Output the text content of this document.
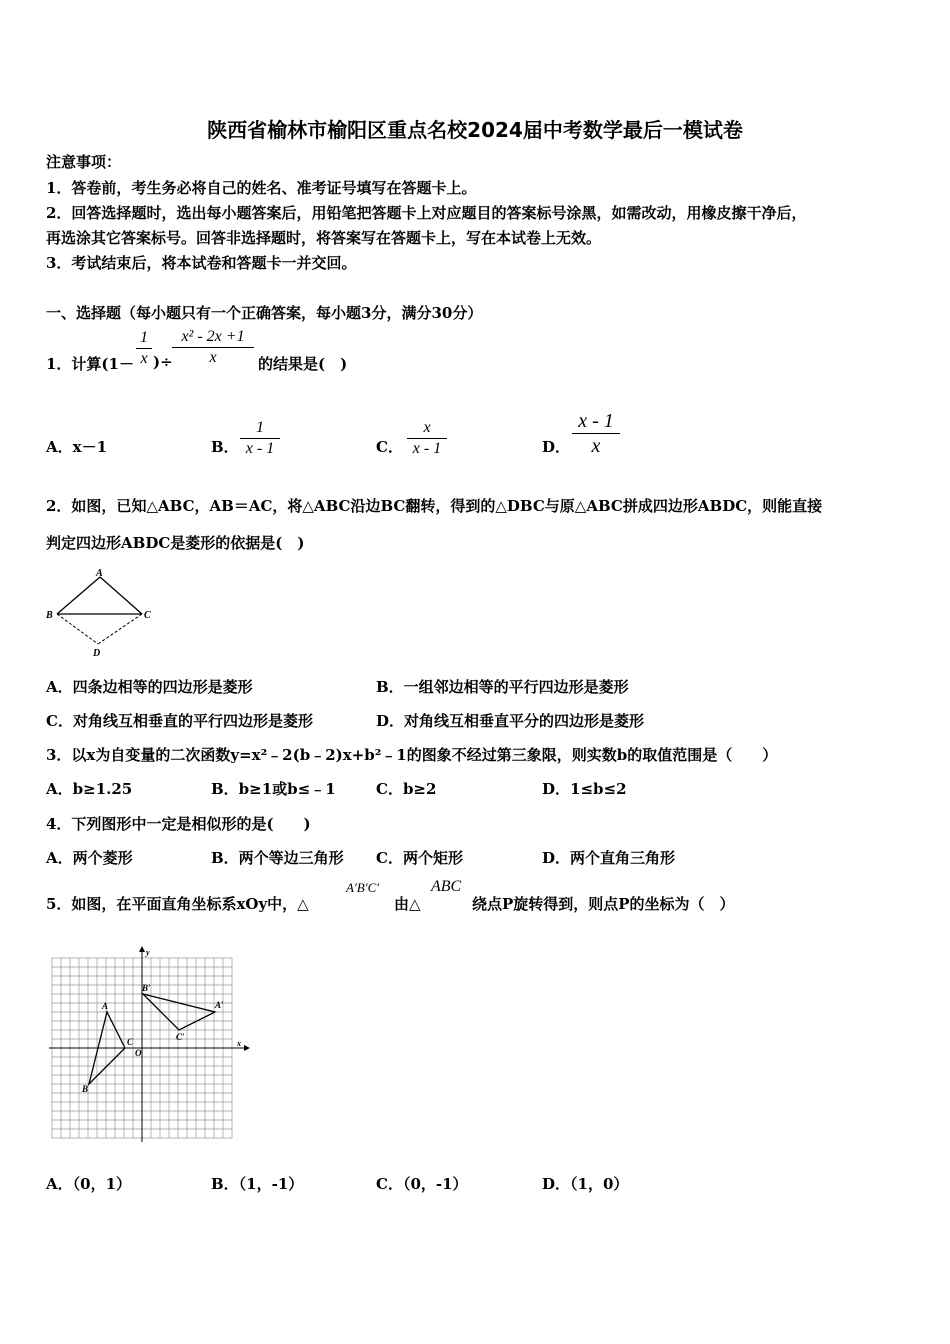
陕西省榆林市榆阳区重点名校2024届中考数学最后一模试卷
注意事项：
1．答卷前，考生务必将自己的姓名、准考证号填写在答题卡上。
2．回答选择题时，选出每小题答案后，用铅笔把答题卡上对应题目的答案标号涂黑，如需改动，用橡皮擦干净后，
再选涂其它答案标号。回答非选择题时，将答案写在答题卡上，写在本试卷上无效。
3．考试结束后，将本试卷和答题卡一并交回。
一、选择题（每小题只有一个正确答案，每小题3分，满分30分）
1．计算(1－
1
x )÷
x² - 2x +1
x	的结果是(　)
A．x－1	B．
1
x - 1	C．
x
x - 1	D．
x - 1
x
2．如图，已知△ABC，AB＝AC，将△ABC沿边BC翻转，得到的△DBC与原△ABC拼成四边形ABDC，则能直接
判定四边形ABDC是菱形的依据是(　)
A
B	C
D
A．四条边相等的四边形是菱形	B．一组邻边相等的平行四边形是菱形
C．对角线互相垂直的平行四边形是菱形	D．对角线互相垂直平分的四边形是菱形
3．以x为自变量的二次函数y=x²﹣2(b﹣2)x+b²﹣1的图象不经过第三象限，则实数b的取值范围是（　　）
A．b≥1.25	B．b≥1或b≤﹣1	C．b≥2	D．1≤b≤2
4．下列图形中一定是相似形的是(　　)
A．两个菱形	B．两个等边三角形 C．两个矩形	D．两个直角三角形
5．如图，在平面直角坐标系xOy中，△
A′B′C′
由△
ABC
绕点P旋转得到，则点P的坐标为（　）
y
x
O
A
B
C
A′
B′
C′
A．（0，1）	B．（1，-1）	C．（0，-1）	D．（1，0）
